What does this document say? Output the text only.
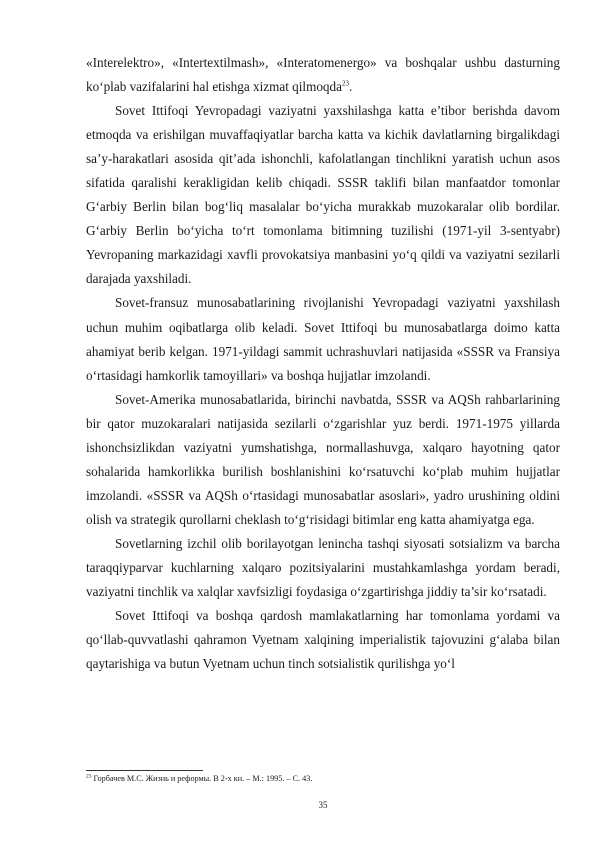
«Interelektro», «Intertextilmash», «Interatomenergo» va boshqalar ushbu dasturning ko‘plab vazifalarini hal etishga xizmat qilmoqda$^{23}$.

Sovet Ittifoqi Yevropadagi vaziyatni yaxshilashga katta e’tibor berishda davom etmoqda va erishilgan muvaffaqiyatlar barcha katta va kichik davlatlarning birgalikdagi sa’y-harakatlari asosida qit’ada ishonchli, kafolatlangan tinchlikni yaratish uchun asos sifatida qaralishi kerakligidan kelib chiqadi. SSSR taklifi bilan manfaatdor tomonlar G‘arbiy Berlin bilan bog‘liq masalalar bo‘yicha murakkab muzokaralar olib bordilar. G‘arbiy Berlin bo‘yicha to‘rt tomonlama bitimning tuzilishi (1971-yil 3-sentyabr) Yevropaning markazidagi xavfli provokatsiya manbasini yo‘q qildi va vaziyatni sezilarli darajada yaxshiladi.

Sovet-fransuz munosabatlarining rivojlanishi Yevropadagi vaziyatni yaxshilash uchun muhim oqibatlarga olib keladi. Sovet Ittifoqi bu munosabatlarga doimo katta ahamiyat berib kelgan. 1971-yildagi sammit uchrashuvlari natijasida «SSSR va Fransiya o‘rtasidagi hamkorlik tamoyillari» va boshqa hujjatlar imzolandi.

Sovet-Amerika munosabatlarida, birinchi navbatda, SSSR va AQSh rahbarlarining bir qator muzokaralari natijasida sezilarli o‘zgarishlar yuz berdi. 1971-1975 yillarda ishonchsizlikdan vaziyatni yumshatishga, normallashuvga, xalqaro hayotning qator sohalarida hamkorlikka burilish boshlanishini ko‘rsatuvchi ko‘plab muhim hujjatlar imzolandi. «SSSR va AQSh o‘rtasidagi munosabatlar asoslari», yadro urushining oldini olish va strategik qurollarni cheklash to‘g‘risidagi bitimlar eng katta ahamiyatga ega.

Sovetlarning izchil olib borilayotgan lenincha tashqi siyosati sotsializm va barcha taraqqiyparvar kuchlarning xalqaro pozitsiyalarini mustahkamlashga yordam beradi, vaziyatni tinchlik va xalqlar xavfsizligi foydasiga o‘zgartirishga jiddiy ta’sir ko‘rsatadi.

Sovet Ittifoqi va boshqa qardosh mamlakatlarning har tomonlama yordami va qo‘llab-quvvatlashi qahramon Vyetnam xalqining imperialistik tajovuzini g‘alaba bilan qaytarishiga va butun Vyetnam uchun tinch sotsialistik qurilishga yo‘l

$^{23}$ Горбачев М.С. Жизнь и реформы. В 2-х кн. – М.: 1995. – С. 43.
35
